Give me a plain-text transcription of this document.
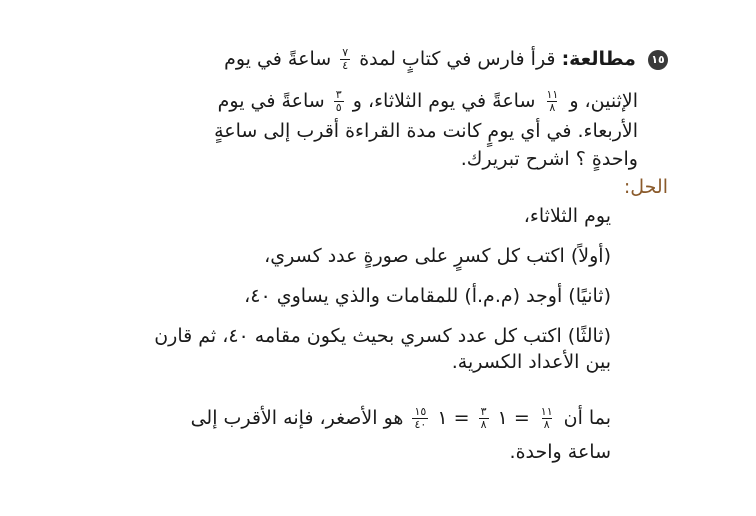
١٥ مطالعة: قرأ فارس في كتابٍ لمدة
$\frac{٧}{٤}$
ساعةً في يوم
الإثنين، و
$\frac{١١}{٨}$
ساعةً في يوم الثلاثاء، و
$\frac{٣}{٥}$
ساعةً في يوم
الأربعاء. في أي يومٍ كانت مدة القراءة أقرب إلى ساعةٍ
واحدةٍ ؟ اشرح تبريرك.
الحل:
يوم الثلاثاء،
(أولاً) اكتب كل كسرٍ على صورةٍ عدد كسري،
(ثانيًا) أوجد (م.م.أ) للمقامات والذي يساوي ٤٠،
(ثالثًا) اكتب كل عدد كسري بحيث يكون مقامه ٤٠، ثم قارن
بين الأعداد الكسرية.
بما أن
$\frac{١١}{٨}$
= ١
$\frac{٣}{٨}$
= ١
$\frac{١٥}{٤٠}$
هو الأصغر، فإنه الأقرب إلى
ساعة واحدة.
